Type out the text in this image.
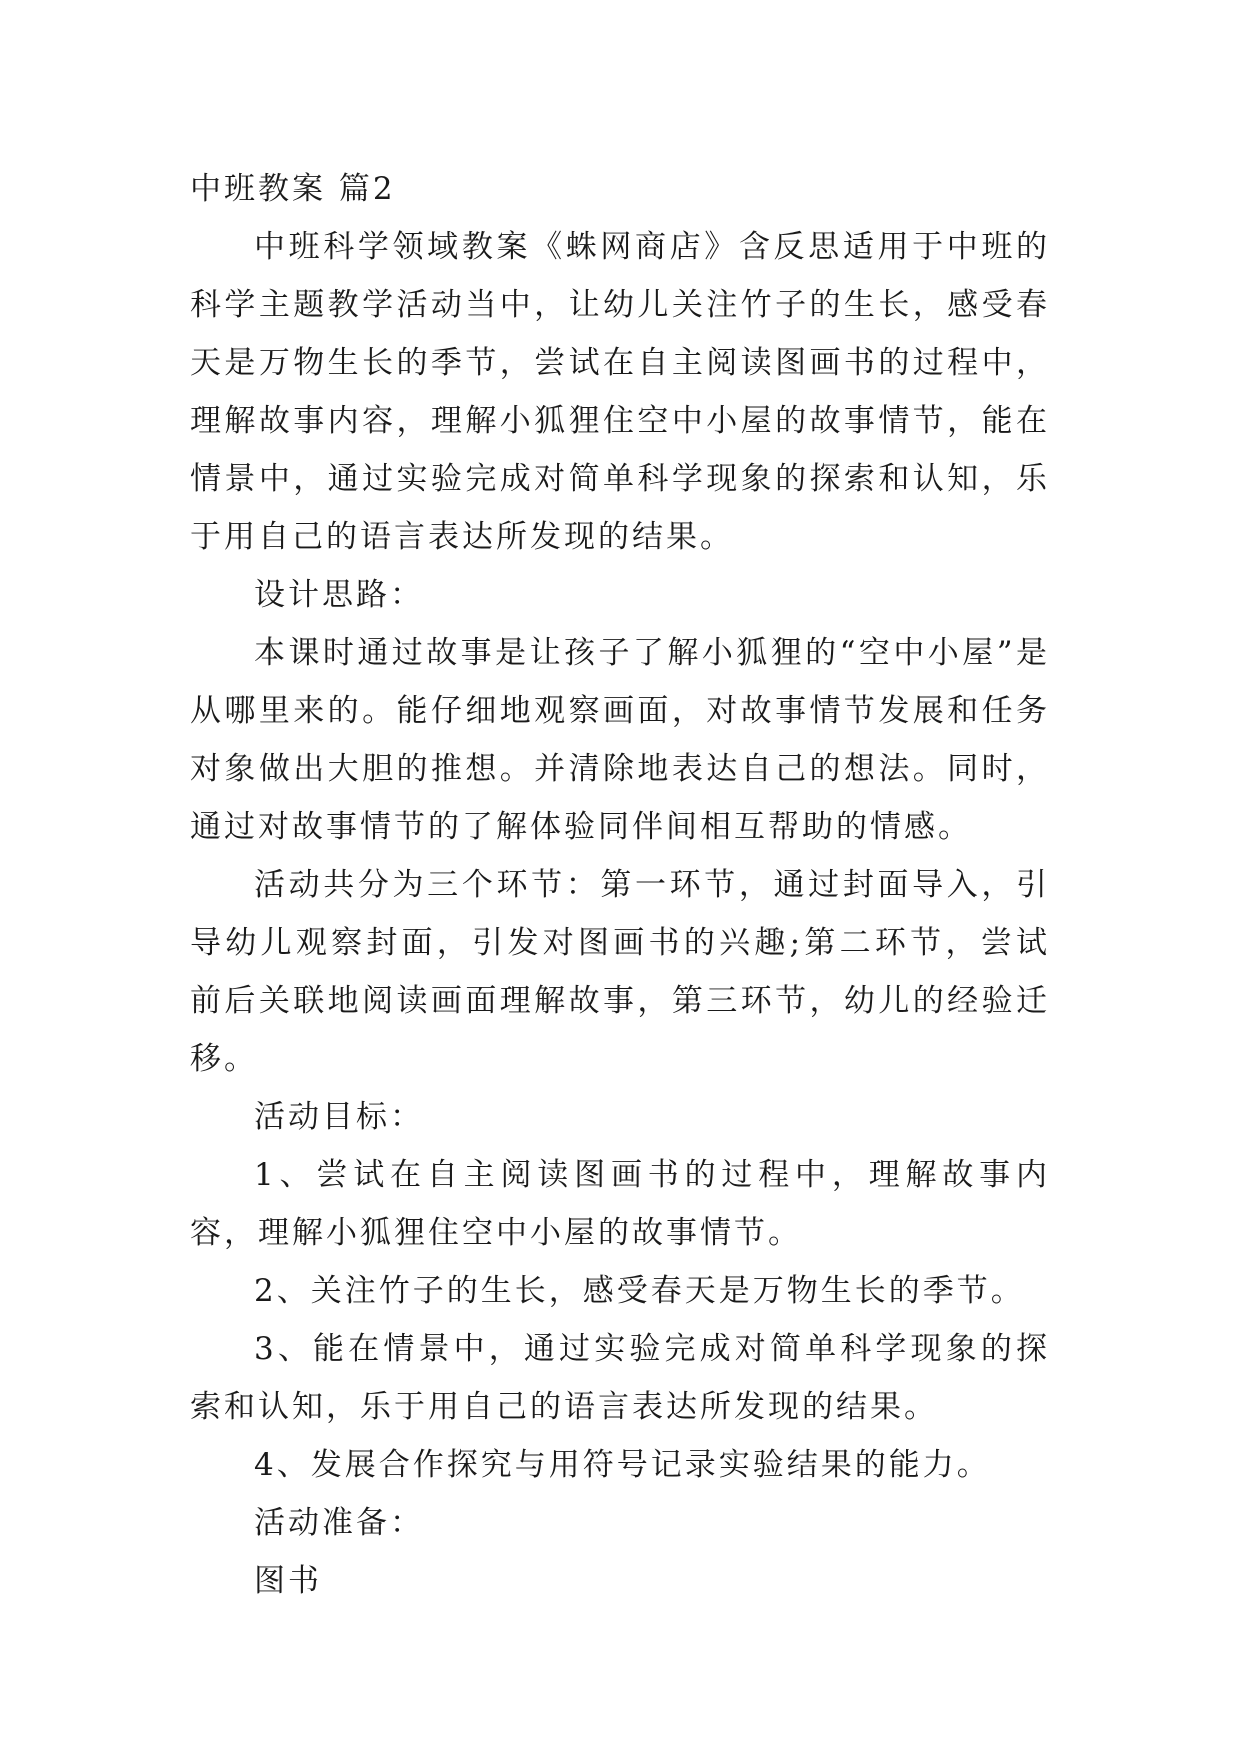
中班教案 篇2

中班科学领域教案《蛛网商店》含反思适用于中班的科学主题教学活动当中，让幼儿关注竹子的生长，感受春天是万物生长的季节，尝试在自主阅读图画书的过程中，理解故事内容，理解小狐狸住空中小屋的故事情节，能在情景中，通过实验完成对简单科学现象的探索和认知，乐于用自己的语言表达所发现的结果。

设计思路：

本课时通过故事是让孩子了解小狐狸的“空中小屋”是从哪里来的。能仔细地观察画面，对故事情节发展和任务对象做出大胆的推想。并清除地表达自己的想法。同时，通过对故事情节的了解体验同伴间相互帮助的情感。

活动共分为三个环节：第一环节，通过封面导入，引导幼儿观察封面，引发对图画书的兴趣;第二环节，尝试前后关联地阅读画面理解故事，第三环节，幼儿的经验迁移。

活动目标：

1、尝试在自主阅读图画书的过程中，理解故事内容，理解小狐狸住空中小屋的故事情节。

2、关注竹子的生长，感受春天是万物生长的季节。

3、能在情景中，通过实验完成对简单科学现象的探索和认知，乐于用自己的语言表达所发现的结果。

4、发展合作探究与用符号记录实验结果的能力。

活动准备：

图书
